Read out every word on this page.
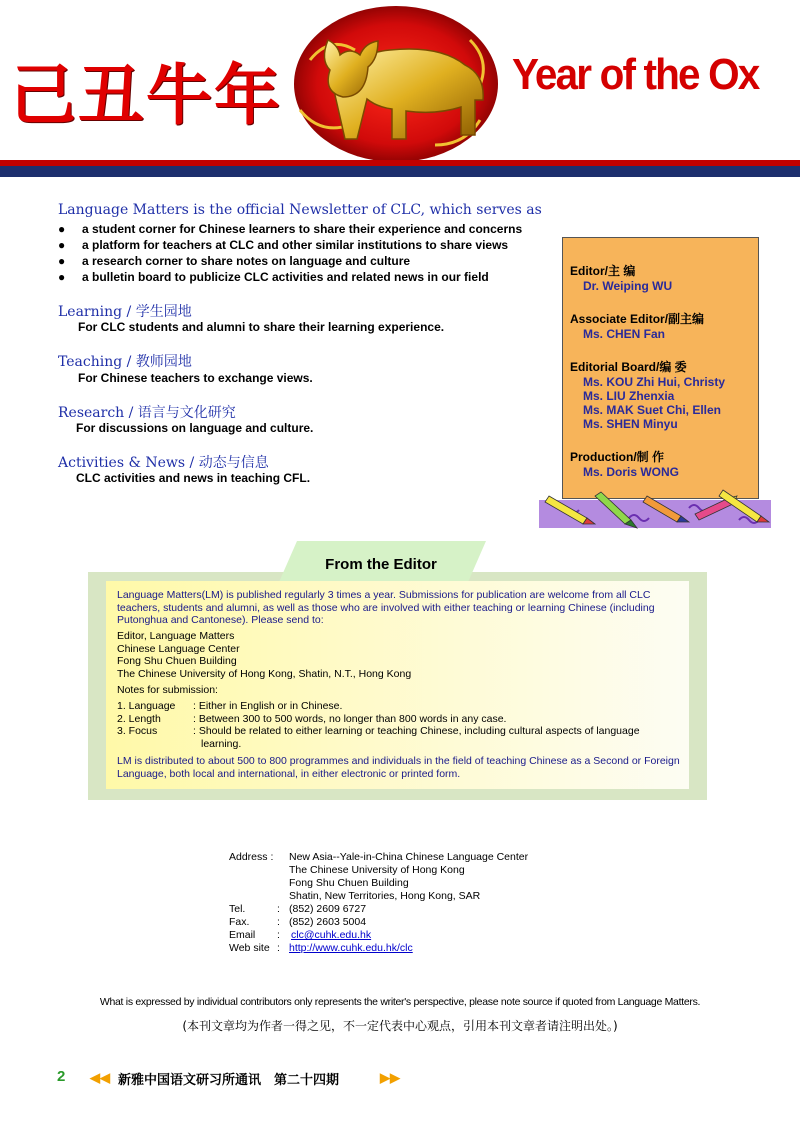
己丑牛年	Year of the Ox
Language Matters is the official Newsletter of CLC, which serves as
● a student corner for Chinese learners to share their experience and concerns
● a platform for teachers at CLC and other similar institutions to share views
● a research corner to share notes on language and culture
● a bulletin board to publicize CLC activities and related news in our field
Learning / 学生园地
For CLC students and alumni to share their learning experience.
Teaching / 教师园地
For Chinese teachers to exchange views.
Research / 语言与文化研究
For discussions on language and culture.
Activities & News / 动态与信息
CLC activities and news in teaching CFL.
Editor/主 编
Dr. Weiping WU
Associate Editor/副主编
Ms. CHEN Fan
Editorial Board/编 委
Ms. KOU Zhi Hui, Christy
Ms. LIU Zhenxia
Ms. MAK Suet Chi, Ellen
Ms. SHEN Minyu
Production/制 作
Ms. Doris WONG
From the Editor
Language Matters(LM) is published regularly 3 times a year. Submissions for publication are welcome from all CLC teachers, students and alumni, as well as those who are involved with either teaching or learning Chinese (including Putonghua and Cantonese). Please send to:
Editor, Language Matters
Chinese Language Center
Fong Shu Chuen Building
The Chinese University of Hong Kong, Shatin, N.T., Hong Kong
Notes for submission:
1. Language	: Either in English or in Chinese.
2. Length	: Between 300 to 500 words, no longer than 800 words in any case.
3. Focus	: Should be related to either learning or teaching Chinese, including cultural aspects of language learning.
LM is distributed to about 500 to 800 programmes and individuals in the field of teaching Chinese as a Second or Foreign Language, both local and international, in either electronic or printed form.
Address :	New Asia--Yale-in-China Chinese Language Center
The Chinese University of Hong Kong
Fong Shu Chuen Building
Shatin, New Territories, Hong Kong, SAR
Tel.	: (852) 2609 6727
Fax.	: (852) 2603 5004
Email	:	clc@cuhk.edu.hk
Web site : http://www.cuhk.edu.hk/clc
What is expressed by individual contributors only represents the writer's perspective, please note source if quoted from Language Matters.
(本刊文章均为作者一得之见，不一定代表中心观点，引用本刊文章者请注明出处。)
2 ◀◀ 新雅中国语文研习所通讯　第二十四期	▶▶
